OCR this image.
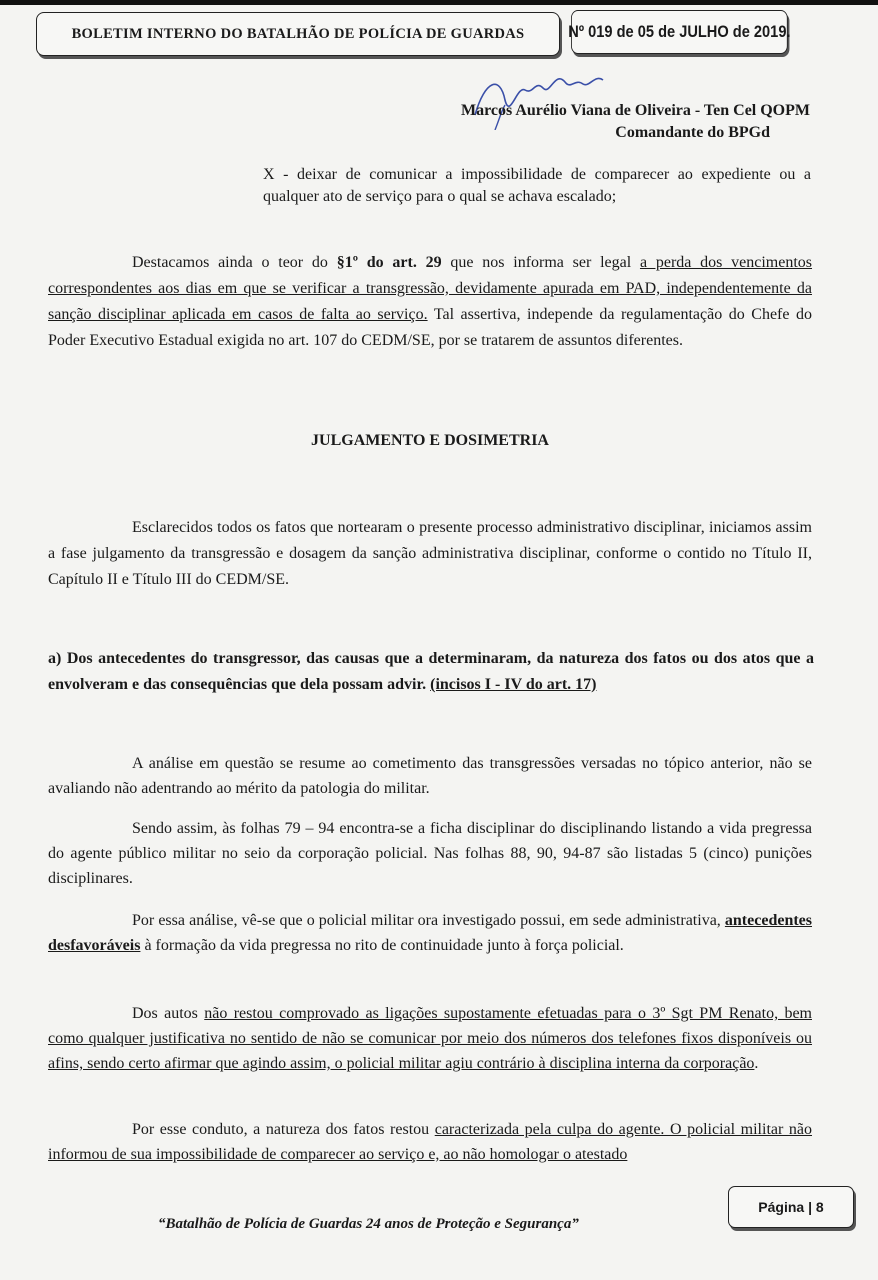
BOLETIM INTERNO DO BATALHÃO DE POLÍCIA DE GUARDAS	Nº 019 de 05 de JULHO de 2019.
Marcos Aurélio Viana de Oliveira - Ten Cel QOPM

Comandante do BPGd
X - deixar de comunicar a impossibilidade de comparecer ao expediente ou a qualquer ato de serviço para o qual se achava escalado;
Destacamos ainda o teor do §1º do art. 29 que nos informa ser legal a perda dos vencimentos correspondentes aos dias em que se verificar a transgressão, devidamente apurada em PAD, independentemente da sanção disciplinar aplicada em casos de falta ao serviço. Tal assertiva, independe da regulamentação do Chefe do Poder Executivo Estadual exigida no art. 107 do CEDM/SE, por se tratarem de assuntos diferentes.
JULGAMENTO E DOSIMETRIA
Esclarecidos todos os fatos que nortearam o presente processo administrativo disciplinar, iniciamos assim a fase julgamento da transgressão e dosagem da sanção administrativa disciplinar, conforme o contido no Título II, Capítulo II e Título III do CEDM/SE.
a) Dos antecedentes do transgressor, das causas que a determinaram, da natureza dos fatos ou dos atos que a envolveram e das consequências que dela possam advir. (incisos I - IV do art. 17)
A análise em questão se resume ao cometimento das transgressões versadas no tópico anterior, não se avaliando não adentrando ao mérito da patologia do militar.
Sendo assim, às folhas 79 – 94 encontra-se a ficha disciplinar do disciplinando listando a vida pregressa do agente público militar no seio da corporação policial. Nas folhas 88, 90, 94-87 são listadas 5 (cinco) punições disciplinares.
Por essa análise, vê-se que o policial militar ora investigado possui, em sede administrativa, antecedentes desfavoráveis à formação da vida pregressa no rito de continuidade junto à força policial.
Dos autos não restou comprovado as ligações supostamente efetuadas para o 3º Sgt PM Renato, bem como qualquer justificativa no sentido de não se comunicar por meio dos números dos telefones fixos disponíveis ou afins, sendo certo afirmar que agindo assim, o policial militar agiu contrário à disciplina interna da corporação.
Por esse conduto, a natureza dos fatos restou caracterizada pela culpa do agente. O policial militar não informou de sua impossibilidade de comparecer ao serviço e, ao não homologar o atestado
“Batalhão de Polícia de Guardas 24 anos de Proteção e Segurança”
Página | 8
